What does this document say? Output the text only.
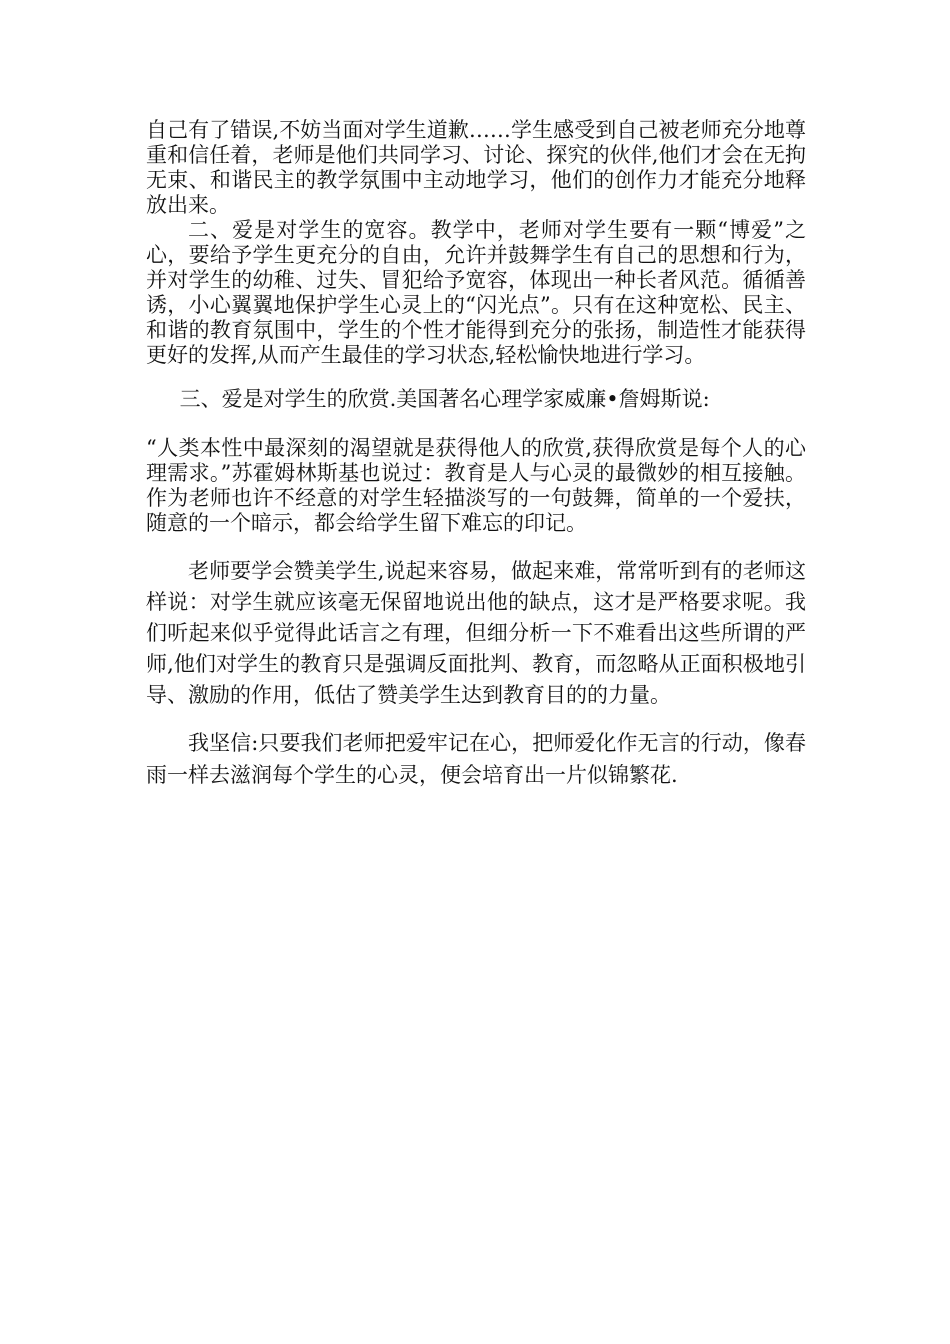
自己有了错误,不妨当面对学生道歉……学生感受到自己被老师充分地尊重和信任着，老师是他们共同学习、讨论、探究的伙伴,他们才会在无拘无束、和谐民主的教学氛围中主动地学习，他们的创作力才能充分地释放出来。

二、爱是对学生的宽容。教学中，老师对学生要有一颗“博爱”之心，要给予学生更充分的自由，允许并鼓舞学生有自己的思想和行为，并对学生的幼稚、过失、冒犯给予宽容，体现出一种长者风范。循循善诱，小心翼翼地保护学生心灵上的“闪光点”。只有在这种宽松、民主、和谐的教育氛围中，学生的个性才能得到充分的张扬，制造性才能获得更好的发挥,从而产生最佳的学习状态,轻松愉快地进行学习。

三、爱是对学生的欣赏.美国著名心理学家威廉•詹姆斯说:

“人类本性中最深刻的渴望就是获得他人的欣赏,获得欣赏是每个人的心理需求。”苏霍姆林斯基也说过：教育是人与心灵的最微妙的相互接触。作为老师也许不经意的对学生轻描淡写的一句鼓舞，简单的一个爱扶，随意的一个暗示，都会给学生留下难忘的印记。

老师要学会赞美学生,说起来容易，做起来难，常常听到有的老师这样说：对学生就应该毫无保留地说出他的缺点，这才是严格要求呢。我们听起来似乎觉得此话言之有理，但细分析一下不难看出这些所谓的严师,他们对学生的教育只是强调反面批判、教育，而忽略从正面积极地引导、激励的作用，低估了赞美学生达到教育目的的力量。

我坚信:只要我们老师把爱牢记在心，把师爱化作无言的行动，像春雨一样去滋润每个学生的心灵，便会培育出一片似锦繁花.
